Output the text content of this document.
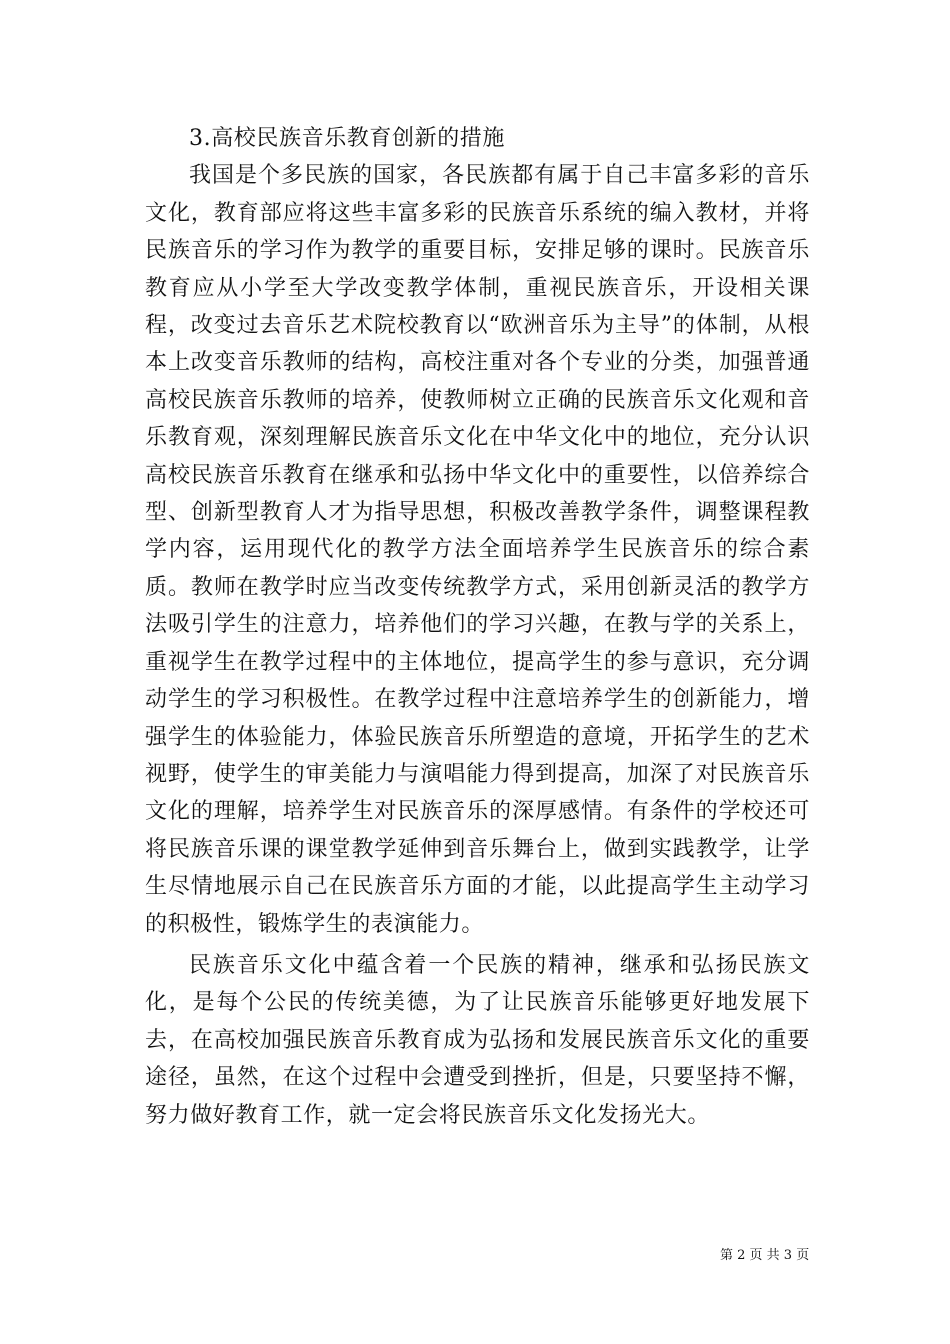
3.高校民族音乐教育创新的措施

我国是个多民族的国家，各民族都有属于自己丰富多彩的音乐文化，教育部应将这些丰富多彩的民族音乐系统的编入教材，并将民族音乐的学习作为教学的重要目标，安排足够的课时。民族音乐教育应从小学至大学改变教学体制，重视民族音乐，开设相关课程，改变过去音乐艺术院校教育以“欧洲音乐为主导”的体制，从根本上改变音乐教师的结构，高校注重对各个专业的分类，加强普通高校民族音乐教师的培养，使教师树立正确的民族音乐文化观和音乐教育观，深刻理解民族音乐文化在中华文化中的地位，充分认识高校民族音乐教育在继承和弘扬中华文化中的重要性，以倍养综合型、创新型教育人才为指导思想，积极改善教学条件，调整课程教学内容，运用现代化的教学方法全面培养学生民族音乐的综合素质。教师在教学时应当改变传统教学方式，采用创新灵活的教学方法吸引学生的注意力，培养他们的学习兴趣，在教与学的关系上，重视学生在教学过程中的主体地位，提高学生的参与意识，充分调动学生的学习积极性。在教学过程中注意培养学生的创新能力，增强学生的体验能力，体验民族音乐所塑造的意境，开拓学生的艺术视野，使学生的审美能力与演唱能力得到提高，加深了对民族音乐文化的理解，培养学生对民族音乐的深厚感情。有条件的学校还可将民族音乐课的课堂教学延伸到音乐舞台上，做到实践教学，让学生尽情地展示自己在民族音乐方面的才能，以此提高学生主动学习的积极性，锻炼学生的表演能力。

民族音乐文化中蕴含着一个民族的精神，继承和弘扬民族文化，是每个公民的传统美德，为了让民族音乐能够更好地发展下去，在高校加强民族音乐教育成为弘扬和发展民族音乐文化的重要途径，虽然，在这个过程中会遭受到挫折，但是，只要坚持不懈，努力做好教育工作，就一定会将民族音乐文化发扬光大。

第 2 页 共 3 页
